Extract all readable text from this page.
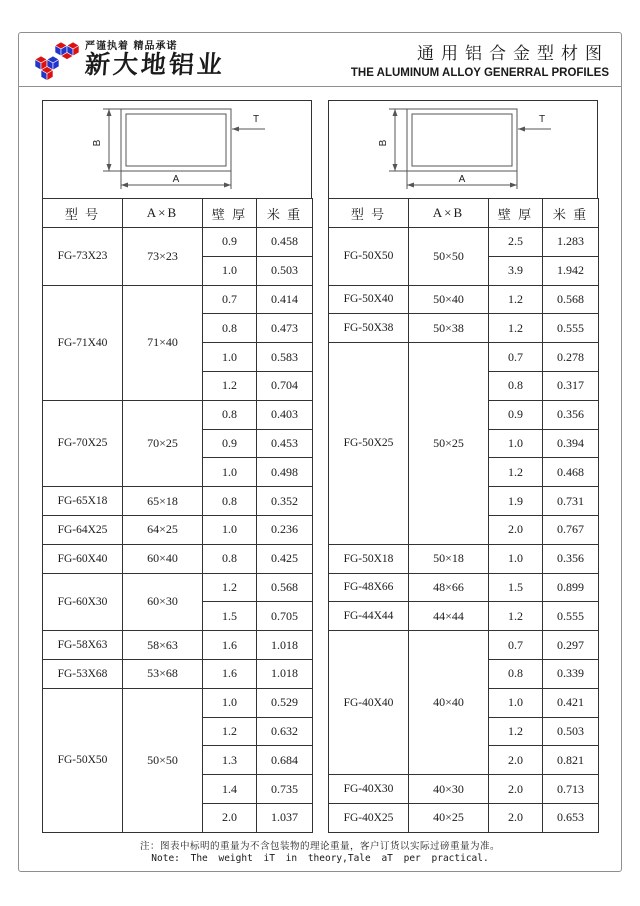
严谨执着 精品承诺
新大地铝业	通用铝合金型材图
THE ALUMINUM ALLOY GENERRAL PROFILES
B
A
T
型 号	A×B	壁 厚	米 重
FG-73X23	73×23	0.9	0.458
		1.0	0.503
FG-71X40	71×40	0.7	0.414
		0.8	0.473
		1.0	0.583
		1.2	0.704
FG-70X25	70×25	0.8	0.403
		0.9	0.453
		1.0	0.498
FG-65X18	65×18	0.8	0.352
FG-64X25	64×25	1.0	0.236
FG-60X40	60×40	0.8	0.425
FG-60X30	60×30	1.2	0.568
		1.5	0.705
FG-58X63	58×63	1.6	1.018
FG-53X68	53×68	1.6	1.018
FG-50X50	50×50	1.0	0.529
		1.2	0.632
		1.3	0.684
		1.4	0.735
		2.0	1.037
B
A
T
型 号	A×B	壁 厚	米 重
FG-50X50	50×50	2.5	1.283
		3.9	1.942
FG-50X40	50×40	1.2	0.568
FG-50X38	50×38	1.2	0.555
FG-50X25	50×25	0.7	0.278
		0.8	0.317
		0.9	0.356
		1.0	0.394
		1.2	0.468
		1.9	0.731
		2.0	0.767
FG-50X18	50×18	1.0	0.356
FG-48X66	48×66	1.5	0.899
FG-44X44	44×44	1.2	0.555
FG-40X40	40×40	0.7	0.297
		0.8	0.339
		1.0	0.421
		1.2	0.503
		2.0	0.821
FG-40X30	40×30	2.0	0.713
FG-40X25	40×25	2.0	0.653
注：图表中标明的重量为不含包装物的理论重量，客户订货以实际过磅重量为准。
Note: The weight iT in theory,Tale aT per practical.
